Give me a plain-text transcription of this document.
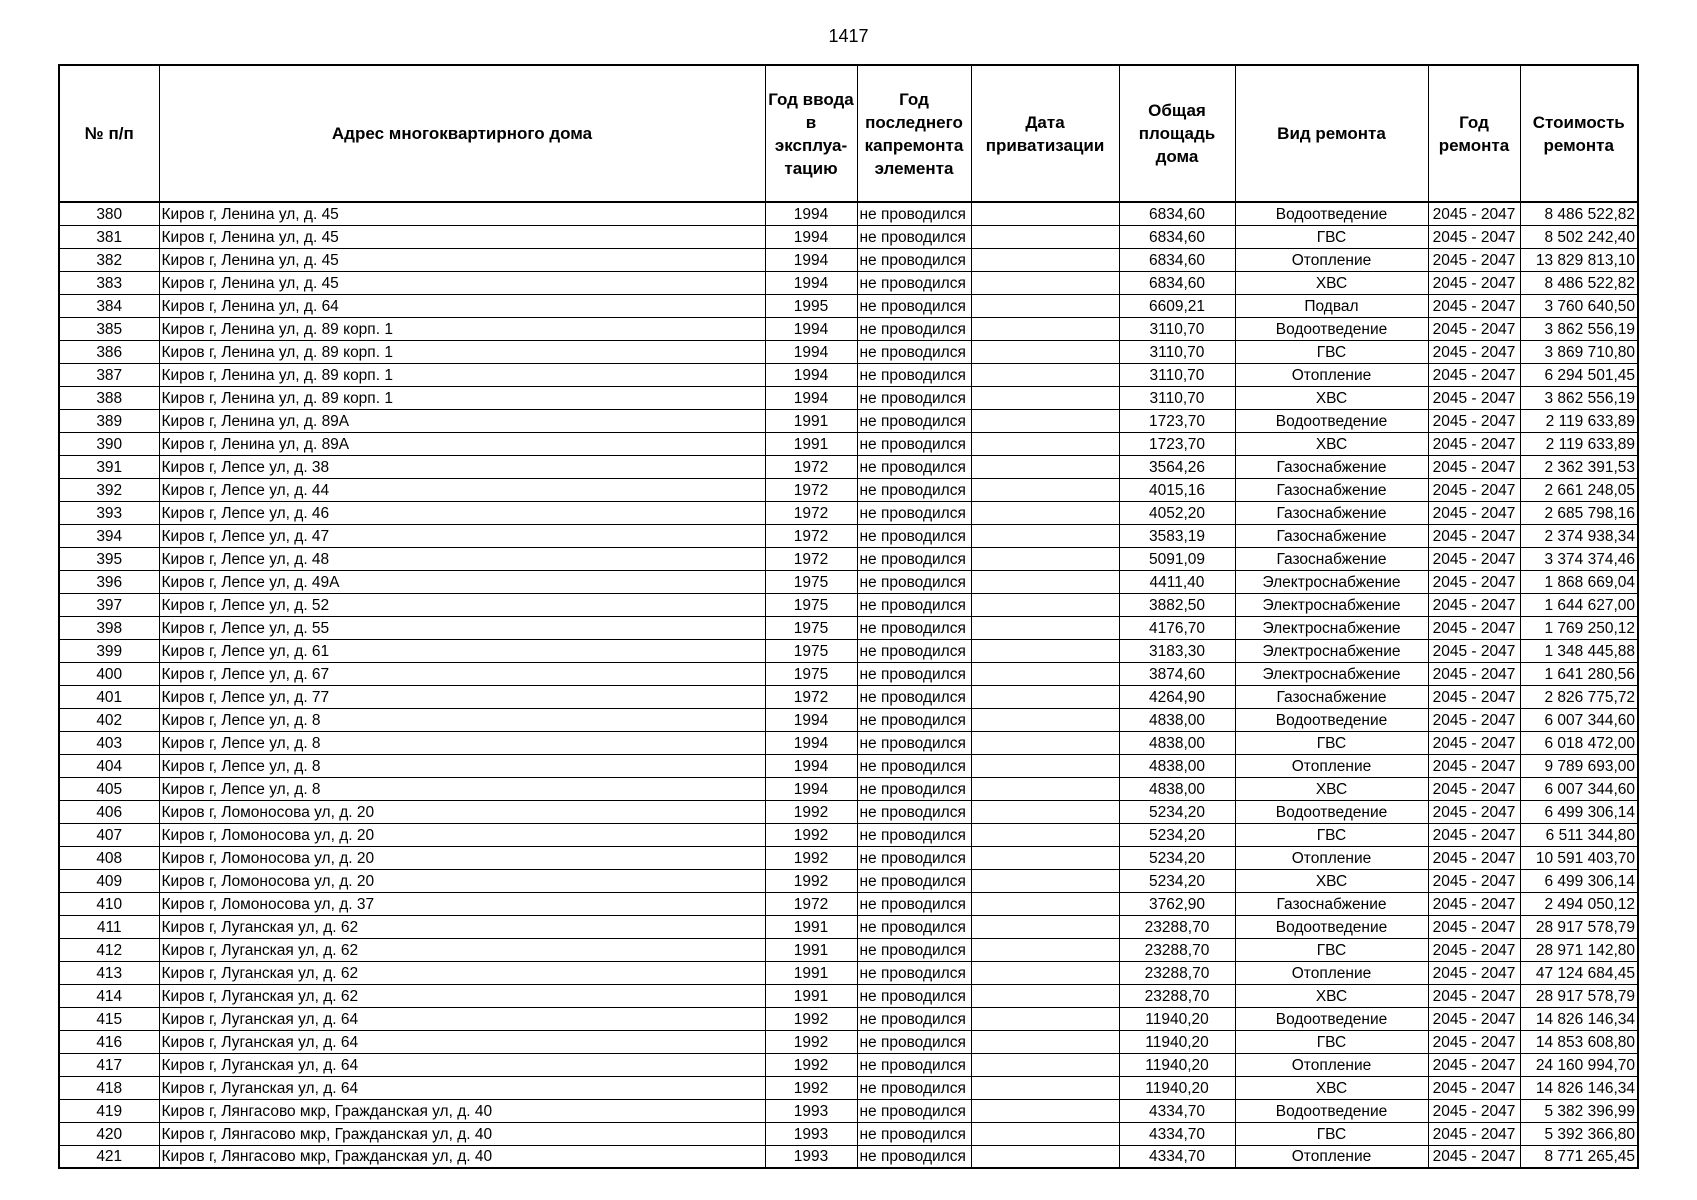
1417
№ п/п	Адрес многоквартирного дома	Год ввода в эксплуа-тацию	Год последнего капремонта элемента	Дата приватизации	Общая площадь дома	Вид ремонта	Год ремонта	Стоимость ремонта
380	Киров г, Ленина ул, д. 45	1994	не проводился		6834,60	Водоотведение	2045 - 2047	8 486 522,82
381	Киров г, Ленина ул, д. 45	1994	не проводился		6834,60	ГВС	2045 - 2047	8 502 242,40
382	Киров г, Ленина ул, д. 45	1994	не проводился		6834,60	Отопление	2045 - 2047	13 829 813,10
383	Киров г, Ленина ул, д. 45	1994	не проводился		6834,60	ХВС	2045 - 2047	8 486 522,82
384	Киров г, Ленина ул, д. 64	1995	не проводился		6609,21	Подвал	2045 - 2047	3 760 640,50
385	Киров г, Ленина ул, д. 89 корп. 1	1994	не проводился		3110,70	Водоотведение	2045 - 2047	3 862 556,19
386	Киров г, Ленина ул, д. 89 корп. 1	1994	не проводился		3110,70	ГВС	2045 - 2047	3 869 710,80
387	Киров г, Ленина ул, д. 89 корп. 1	1994	не проводился		3110,70	Отопление	2045 - 2047	6 294 501,45
388	Киров г, Ленина ул, д. 89 корп. 1	1994	не проводился		3110,70	ХВС	2045 - 2047	3 862 556,19
389	Киров г, Ленина ул, д. 89А	1991	не проводился		1723,70	Водоотведение	2045 - 2047	2 119 633,89
390	Киров г, Ленина ул, д. 89А	1991	не проводился		1723,70	ХВС	2045 - 2047	2 119 633,89
391	Киров г, Лепсе ул, д. 38	1972	не проводился		3564,26	Газоснабжение	2045 - 2047	2 362 391,53
392	Киров г, Лепсе ул, д. 44	1972	не проводился		4015,16	Газоснабжение	2045 - 2047	2 661 248,05
393	Киров г, Лепсе ул, д. 46	1972	не проводился		4052,20	Газоснабжение	2045 - 2047	2 685 798,16
394	Киров г, Лепсе ул, д. 47	1972	не проводился		3583,19	Газоснабжение	2045 - 2047	2 374 938,34
395	Киров г, Лепсе ул, д. 48	1972	не проводился		5091,09	Газоснабжение	2045 - 2047	3 374 374,46
396	Киров г, Лепсе ул, д. 49А	1975	не проводился		4411,40	Электроснабжение	2045 - 2047	1 868 669,04
397	Киров г, Лепсе ул, д. 52	1975	не проводился		3882,50	Электроснабжение	2045 - 2047	1 644 627,00
398	Киров г, Лепсе ул, д. 55	1975	не проводился		4176,70	Электроснабжение	2045 - 2047	1 769 250,12
399	Киров г, Лепсе ул, д. 61	1975	не проводился		3183,30	Электроснабжение	2045 - 2047	1 348 445,88
400	Киров г, Лепсе ул, д. 67	1975	не проводился		3874,60	Электроснабжение	2045 - 2047	1 641 280,56
401	Киров г, Лепсе ул, д. 77	1972	не проводился		4264,90	Газоснабжение	2045 - 2047	2 826 775,72
402	Киров г, Лепсе ул, д. 8	1994	не проводился		4838,00	Водоотведение	2045 - 2047	6 007 344,60
403	Киров г, Лепсе ул, д. 8	1994	не проводился		4838,00	ГВС	2045 - 2047	6 018 472,00
404	Киров г, Лепсе ул, д. 8	1994	не проводился		4838,00	Отопление	2045 - 2047	9 789 693,00
405	Киров г, Лепсе ул, д. 8	1994	не проводился		4838,00	ХВС	2045 - 2047	6 007 344,60
406	Киров г, Ломоносова ул, д. 20	1992	не проводился		5234,20	Водоотведение	2045 - 2047	6 499 306,14
407	Киров г, Ломоносова ул, д. 20	1992	не проводился		5234,20	ГВС	2045 - 2047	6 511 344,80
408	Киров г, Ломоносова ул, д. 20	1992	не проводился		5234,20	Отопление	2045 - 2047	10 591 403,70
409	Киров г, Ломоносова ул, д. 20	1992	не проводился		5234,20	ХВС	2045 - 2047	6 499 306,14
410	Киров г, Ломоносова ул, д. 37	1972	не проводился		3762,90	Газоснабжение	2045 - 2047	2 494 050,12
411	Киров г, Луганская ул, д. 62	1991	не проводился		23288,70	Водоотведение	2045 - 2047	28 917 578,79
412	Киров г, Луганская ул, д. 62	1991	не проводился		23288,70	ГВС	2045 - 2047	28 971 142,80
413	Киров г, Луганская ул, д. 62	1991	не проводился		23288,70	Отопление	2045 - 2047	47 124 684,45
414	Киров г, Луганская ул, д. 62	1991	не проводился		23288,70	ХВС	2045 - 2047	28 917 578,79
415	Киров г, Луганская ул, д. 64	1992	не проводился		11940,20	Водоотведение	2045 - 2047	14 826 146,34
416	Киров г, Луганская ул, д. 64	1992	не проводился		11940,20	ГВС	2045 - 2047	14 853 608,80
417	Киров г, Луганская ул, д. 64	1992	не проводился		11940,20	Отопление	2045 - 2047	24 160 994,70
418	Киров г, Луганская ул, д. 64	1992	не проводился		11940,20	ХВС	2045 - 2047	14 826 146,34
419	Киров г, Лянгасово мкр, Гражданская ул, д. 40	1993	не проводился		4334,70	Водоотведение	2045 - 2047	5 382 396,99
420	Киров г, Лянгасово мкр, Гражданская ул, д. 40	1993	не проводился		4334,70	ГВС	2045 - 2047	5 392 366,80
421	Киров г, Лянгасово мкр, Гражданская ул, д. 40	1993	не проводился		4334,70	Отопление	2045 - 2047	8 771 265,45
